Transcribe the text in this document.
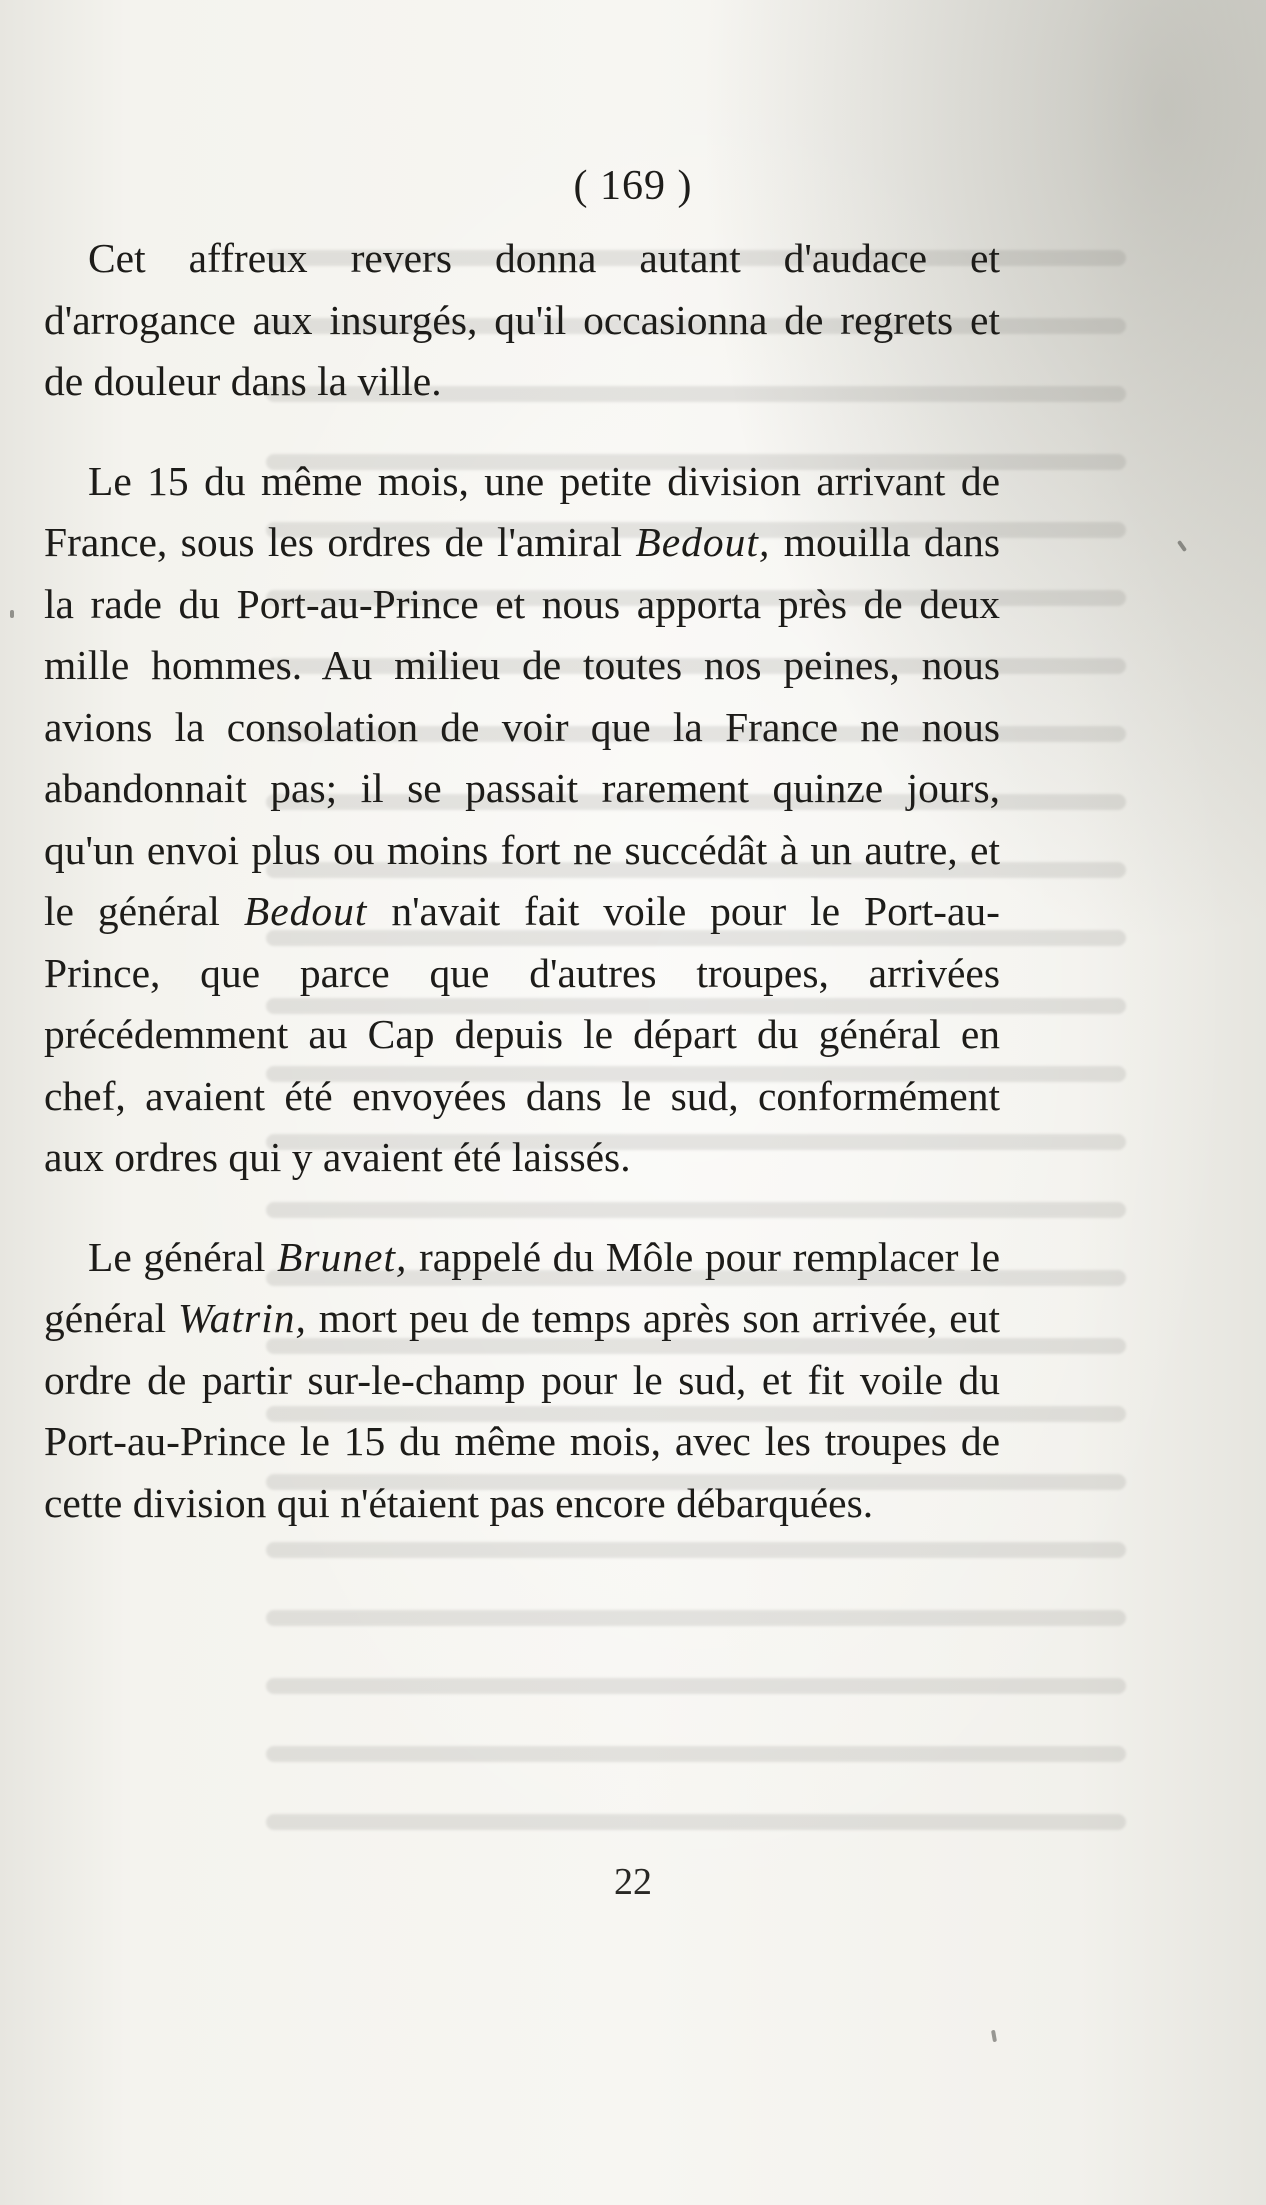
( 169 )

Cet affreux revers donna autant d'audace et d'arrogance aux insurgés, qu'il occasionna de regrets et de douleur dans la ville.

Le 15 du même mois, une petite division arrivant de France, sous les ordres de l'amiral Bedout, mouilla dans la rade du Port-au-Prince et nous apporta près de deux mille hommes. Au milieu de toutes nos peines, nous avions la consolation de voir que la France ne nous abandonnait pas; il se passait rarement quinze jours, qu'un envoi plus ou moins fort ne succédât à un autre, et le général Bedout n'avait fait voile pour le Port-au-Prince, que parce que d'autres troupes, arrivées précédemment au Cap depuis le départ du général en chef, avaient été envoyées dans le sud, conformément aux ordres qui y avaient été laissés.

Le général Brunet, rappelé du Môle pour remplacer le général Watrin, mort peu de temps après son arrivée, eut ordre de partir sur-le-champ pour le sud, et fit voile du Port-au-Prince le 15 du même mois, avec les troupes de cette division qui n'étaient pas encore débarquées.

22
